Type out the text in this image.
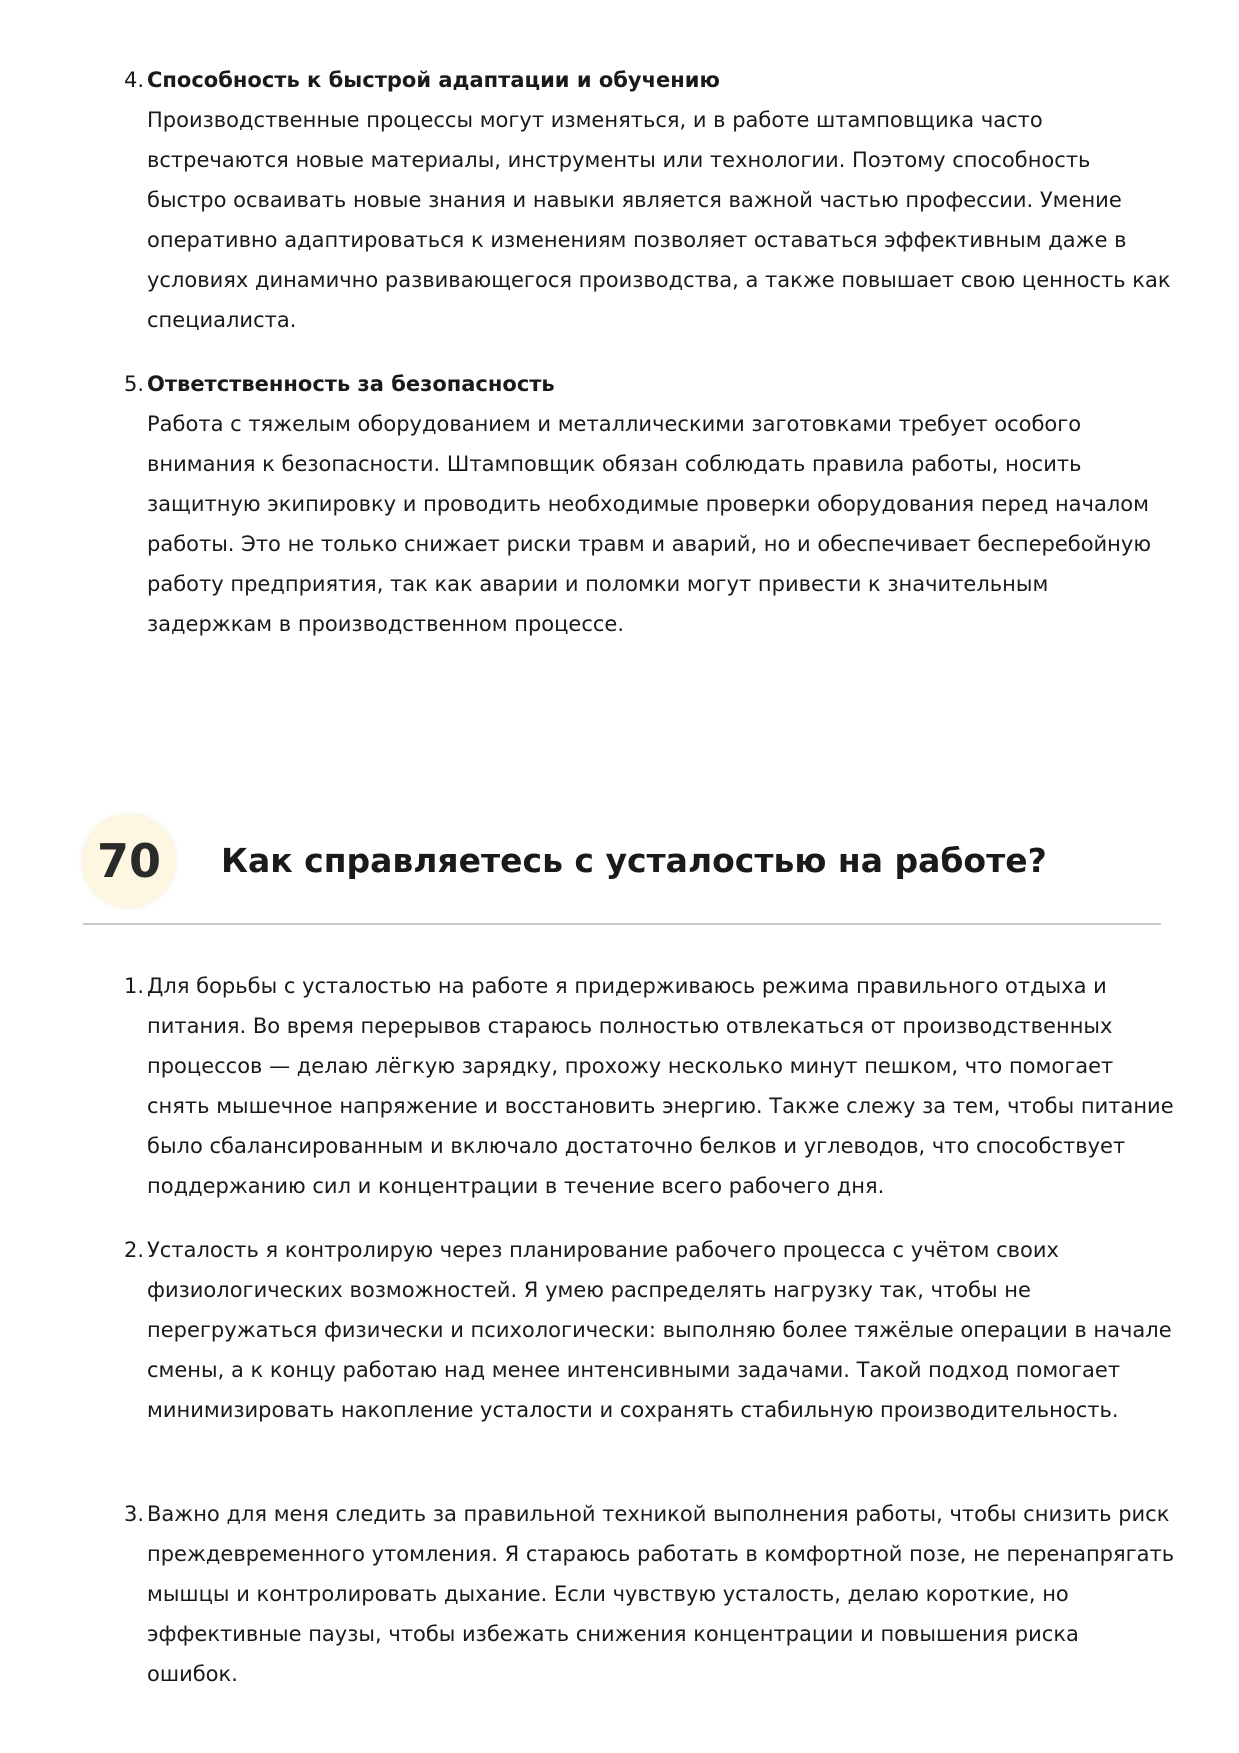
4. Способность к быстрой адаптации и обучению
Производственные процессы могут изменяться, и в работе штамповщика часто встречаются новые материалы, инструменты или технологии. Поэтому способность быстро осваивать новые знания и навыки является важной частью профессии. Умение оперативно адаптироваться к изменениям позволяет оставаться эффективным даже в условиях динамично развивающегося производства, а также повышает свою ценность как специалиста.
5. Ответственность за безопасность
Работа с тяжелым оборудованием и металлическими заготовками требует особого внимания к безопасности. Штамповщик обязан соблюдать правила работы, носить защитную экипировку и проводить необходимые проверки оборудования перед началом работы. Это не только снижает риски травм и аварий, но и обеспечивает бесперебойную работу предприятия, так как аварии и поломки могут привести к значительным задержкам в производственном процессе.
70	Как справляетесь с усталостью на работе?
1. Для борьбы с усталостью на работе я придерживаюсь режима правильного отдыха и питания. Во время перерывов стараюсь полностью отвлекаться от производственных процессов — делаю лёгкую зарядку, прохожу несколько минут пешком, что помогает снять мышечное напряжение и восстановить энергию. Также слежу за тем, чтобы питание было сбалансированным и включало достаточно белков и углеводов, что способствует поддержанию сил и концентрации в течение всего рабочего дня.
2. Усталость я контролирую через планирование рабочего процесса с учётом своих физиологических возможностей. Я умею распределять нагрузку так, чтобы не перегружаться физически и психологически: выполняю более тяжёлые операции в начале смены, а к концу работаю над менее интенсивными задачами. Такой подход помогает минимизировать накопление усталости и сохранять стабильную производительность.
3. Важно для меня следить за правильной техникой выполнения работы, чтобы снизить риск преждевременного утомления. Я стараюсь работать в комфортной позе, не перенапрягать мышцы и контролировать дыхание. Если чувствую усталость, делаю короткие, но эффективные паузы, чтобы избежать снижения концентрации и повышения риска ошибок.
